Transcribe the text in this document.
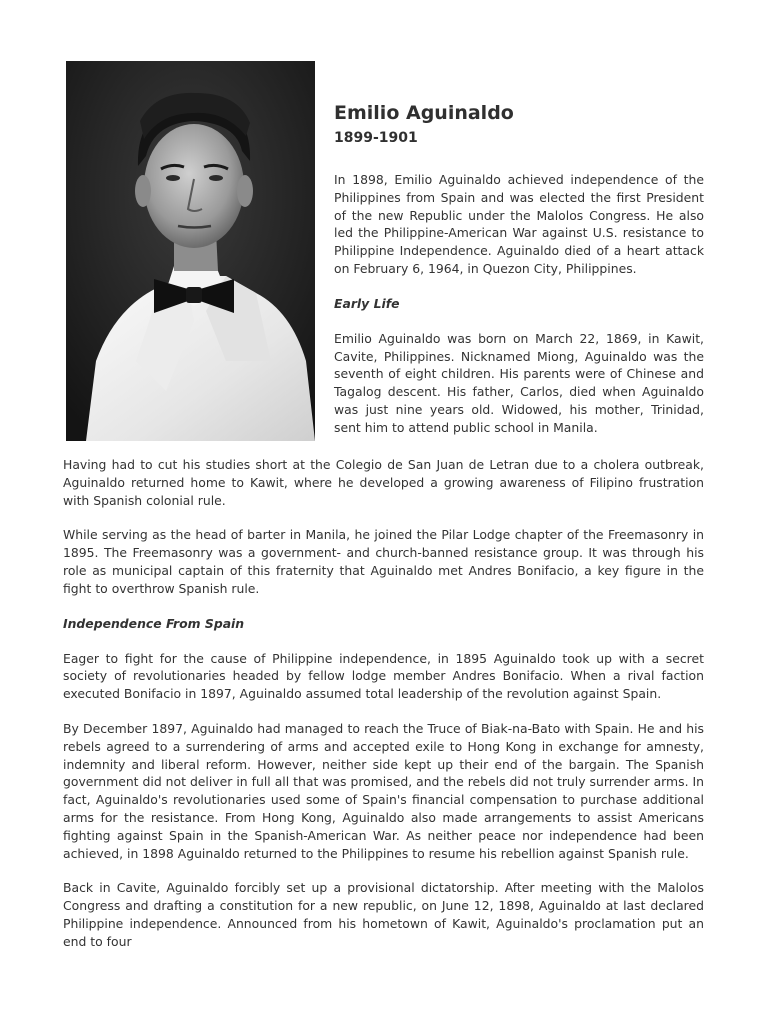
Emilio Aguinaldo
1899-1901

In 1898, Emilio Aguinaldo achieved independence of the Philippines from Spain and was elected the first President of the new Republic under the Malolos Congress. He also led the Philippine-American War against U.S. resistance to Philippine Independence. Aguinaldo died of a heart attack on February 6, 1964, in Quezon City, Philippines.

Early Life

Emilio Aguinaldo was born on March 22, 1869, in Kawit, Cavite, Philippines. Nicknamed Miong, Aguinaldo was the seventh of eight children. His parents were of Chinese and Tagalog descent. His father, Carlos, died when Aguinaldo was just nine years old. Widowed, his mother, Trinidad, sent him to attend public school in Manila.

Having had to cut his studies short at the Colegio de San Juan de Letran due to a cholera outbreak, Aguinaldo returned home to Kawit, where he developed a growing awareness of Filipino frustration with Spanish colonial rule.

While serving as the head of barter in Manila, he joined the Pilar Lodge chapter of the Freemasonry in 1895. The Freemasonry was a government- and church-banned resistance group. It was through his role as municipal captain of this fraternity that Aguinaldo met Andres Bonifacio, a key figure in the fight to overthrow Spanish rule.

Independence From Spain

Eager to fight for the cause of Philippine independence, in 1895 Aguinaldo took up with a secret society of revolutionaries headed by fellow lodge member Andres Bonifacio. When a rival faction executed Bonifacio in 1897, Aguinaldo assumed total leadership of the revolution against Spain.

By December 1897, Aguinaldo had managed to reach the Truce of Biak-na-Bato with Spain. He and his rebels agreed to a surrendering of arms and accepted exile to Hong Kong in exchange for amnesty, indemnity and liberal reform. However, neither side kept up their end of the bargain. The Spanish government did not deliver in full all that was promised, and the rebels did not truly surrender arms. In fact, Aguinaldo's revolutionaries used some of Spain's financial compensation to purchase additional arms for the resistance. From Hong Kong, Aguinaldo also made arrangements to assist Americans fighting against Spain in the Spanish-American War. As neither peace nor independence had been achieved, in 1898 Aguinaldo returned to the Philippines to resume his rebellion against Spanish rule.

Back in Cavite, Aguinaldo forcibly set up a provisional dictatorship. After meeting with the Malolos Congress and drafting a constitution for a new republic, on June 12, 1898, Aguinaldo at last declared Philippine independence. Announced from his hometown of Kawit, Aguinaldo's proclamation put an end to four
